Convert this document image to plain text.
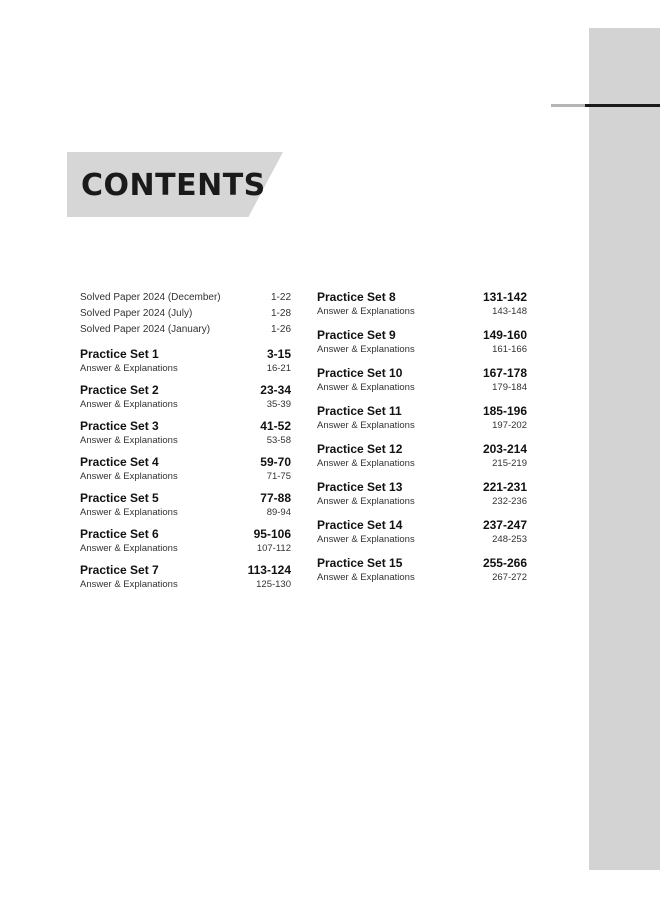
CONTENTS
Solved Paper 2024 (December)	1-22
Solved Paper 2024 (July)	1-28
Solved Paper 2024 (January)	1-26
Practice Set 1	3-15
Answer & Explanations	16-21
Practice Set 2	23-34
Answer & Explanations	35-39
Practice Set 3	41-52
Answer & Explanations	53-58
Practice Set 4	59-70
Answer & Explanations	71-75
Practice Set 5	77-88
Answer & Explanations	89-94
Practice Set 6	95-106
Answer & Explanations	107-112
Practice Set 7	113-124
Answer & Explanations	125-130
Practice Set 8	131-142
Answer & Explanations	143-148
Practice Set 9	149-160
Answer & Explanations	161-166
Practice Set 10	167-178
Answer & Explanations	179-184
Practice Set 11	185-196
Answer & Explanations	197-202
Practice Set 12	203-214
Answer & Explanations	215-219
Practice Set 13	221-231
Answer & Explanations	232-236
Practice Set 14	237-247
Answer & Explanations	248-253
Practice Set 15	255-266
Answer & Explanations	267-272
